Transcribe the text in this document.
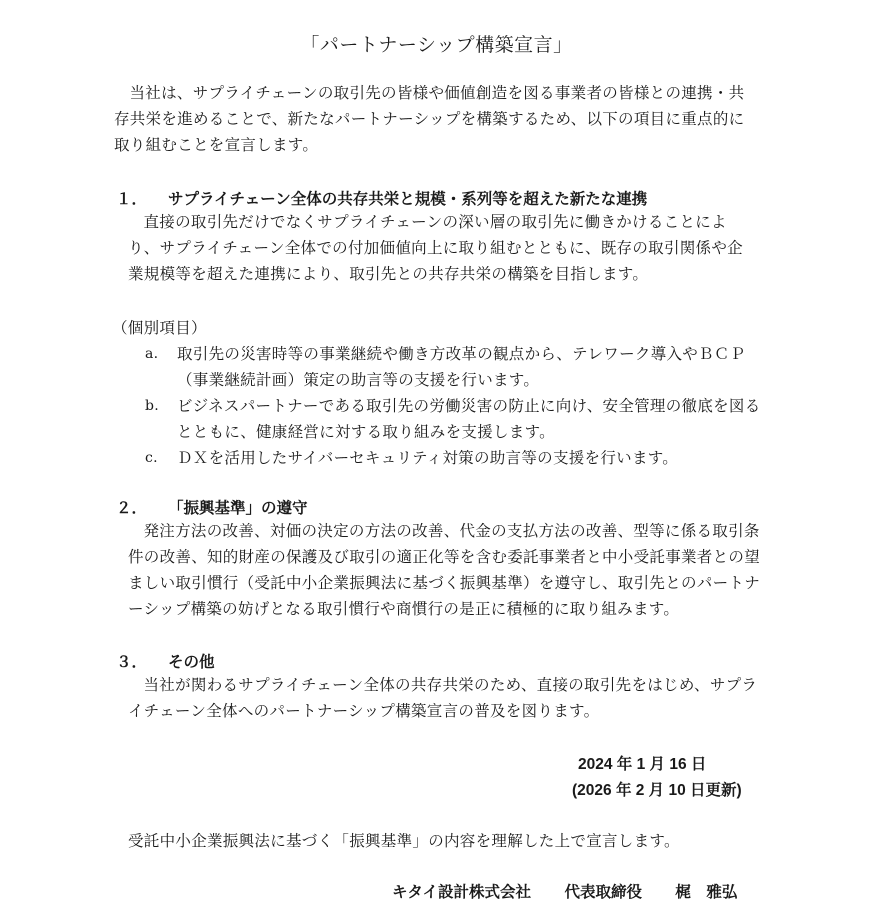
「パートナーシップ構築宣言」
当社は、サプライチェーンの取引先の皆様や価値創造を図る事業者の皆様との連携・共存共栄を進めることで、新たなパートナーシップを構築するため、以下の項目に重点的に取り組むことを宣言します。
１． サプライチェーン全体の共存共栄と規模・系列等を超えた新たな連携
直接の取引先だけでなくサプライチェーンの深い層の取引先に働きかけることにより、サプライチェーン全体での付加価値向上に取り組むとともに、既存の取引関係や企業規模等を超えた連携により、取引先との共存共栄の構築を目指します。
（個別項目）
a.	取引先の災害時等の事業継続や働き方改革の観点から、テレワーク導入やＢＣＰ（事業継続計画）策定の助言等の支援を行います。
b.	ビジネスパートナーである取引先の労働災害の防止に向け、安全管理の徹底を図るとともに、健康経営に対する取り組みを支援します。
c.	ＤＸを活用したサイバーセキュリティ対策の助言等の支援を行います。
２． 「振興基準」の遵守
発注方法の改善、対価の決定の方法の改善、代金の支払方法の改善、型等に係る取引条件の改善、知的財産の保護及び取引の適正化等を含む委託事業者と中小受託事業者との望ましい取引慣行（受託中小企業振興法に基づく振興基準）を遵守し、取引先とのパートナーシップ構築の妨げとなる取引慣行や商慣行の是正に積極的に取り組みます。
３． その他
当社が関わるサプライチェーン全体の共存共栄のため、直接の取引先をはじめ、サプライチェーン全体へのパートナーシップ構築宣言の普及を図ります。
2024 年 1 月 16 日
(2026 年 2 月 10 日更新)
受託中小企業振興法に基づく「振興基準」の内容を理解した上で宣言します。
キタイ設計株式会社 代表取締役 梶　雅弘
